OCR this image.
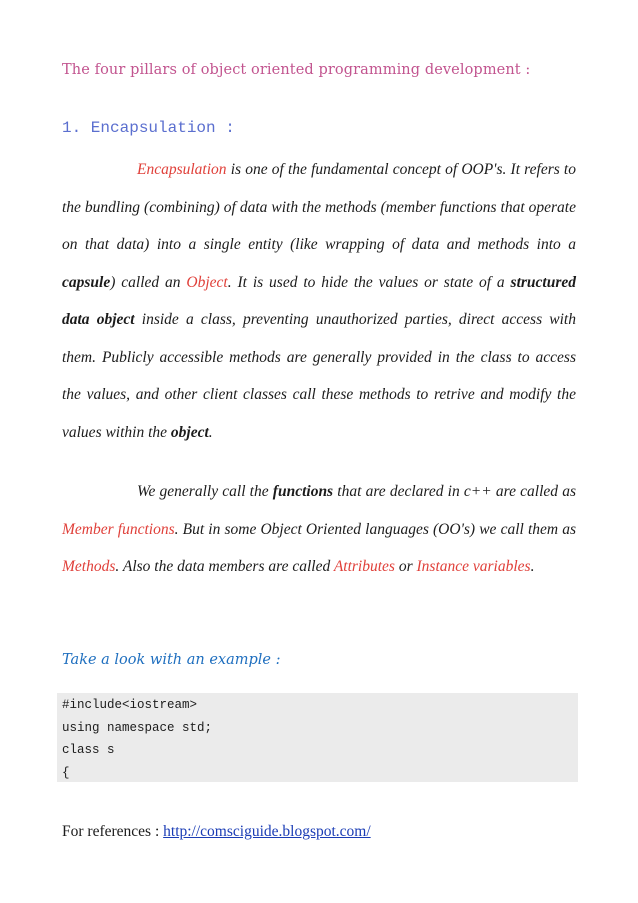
The four pillars of object oriented programming development :
1. Encapsulation :

Encapsulation is one of the fundamental concept of OOP's. It refers to the bundling (combining) of data with the methods (member functions that operate on that data) into a single entity (like wrapping of data and methods into a capsule) called an Object. It is used to hide the values or state of a structured data object inside a class, preventing unauthorized parties, direct access with them. Publicly accessible methods are generally provided in the class to access the values, and other client classes call these methods to retrive and modify the values within the object.

We generally call the functions that are declared in c++ are called as Member functions. But in some Object Oriented languages (OO's) we call them as Methods. Also the data members are called Attributes or Instance variables.

Take a look with an example :
#include<iostream>
using namespace std;
class s
{
For references : http://comsciguide.blogspot.com/
